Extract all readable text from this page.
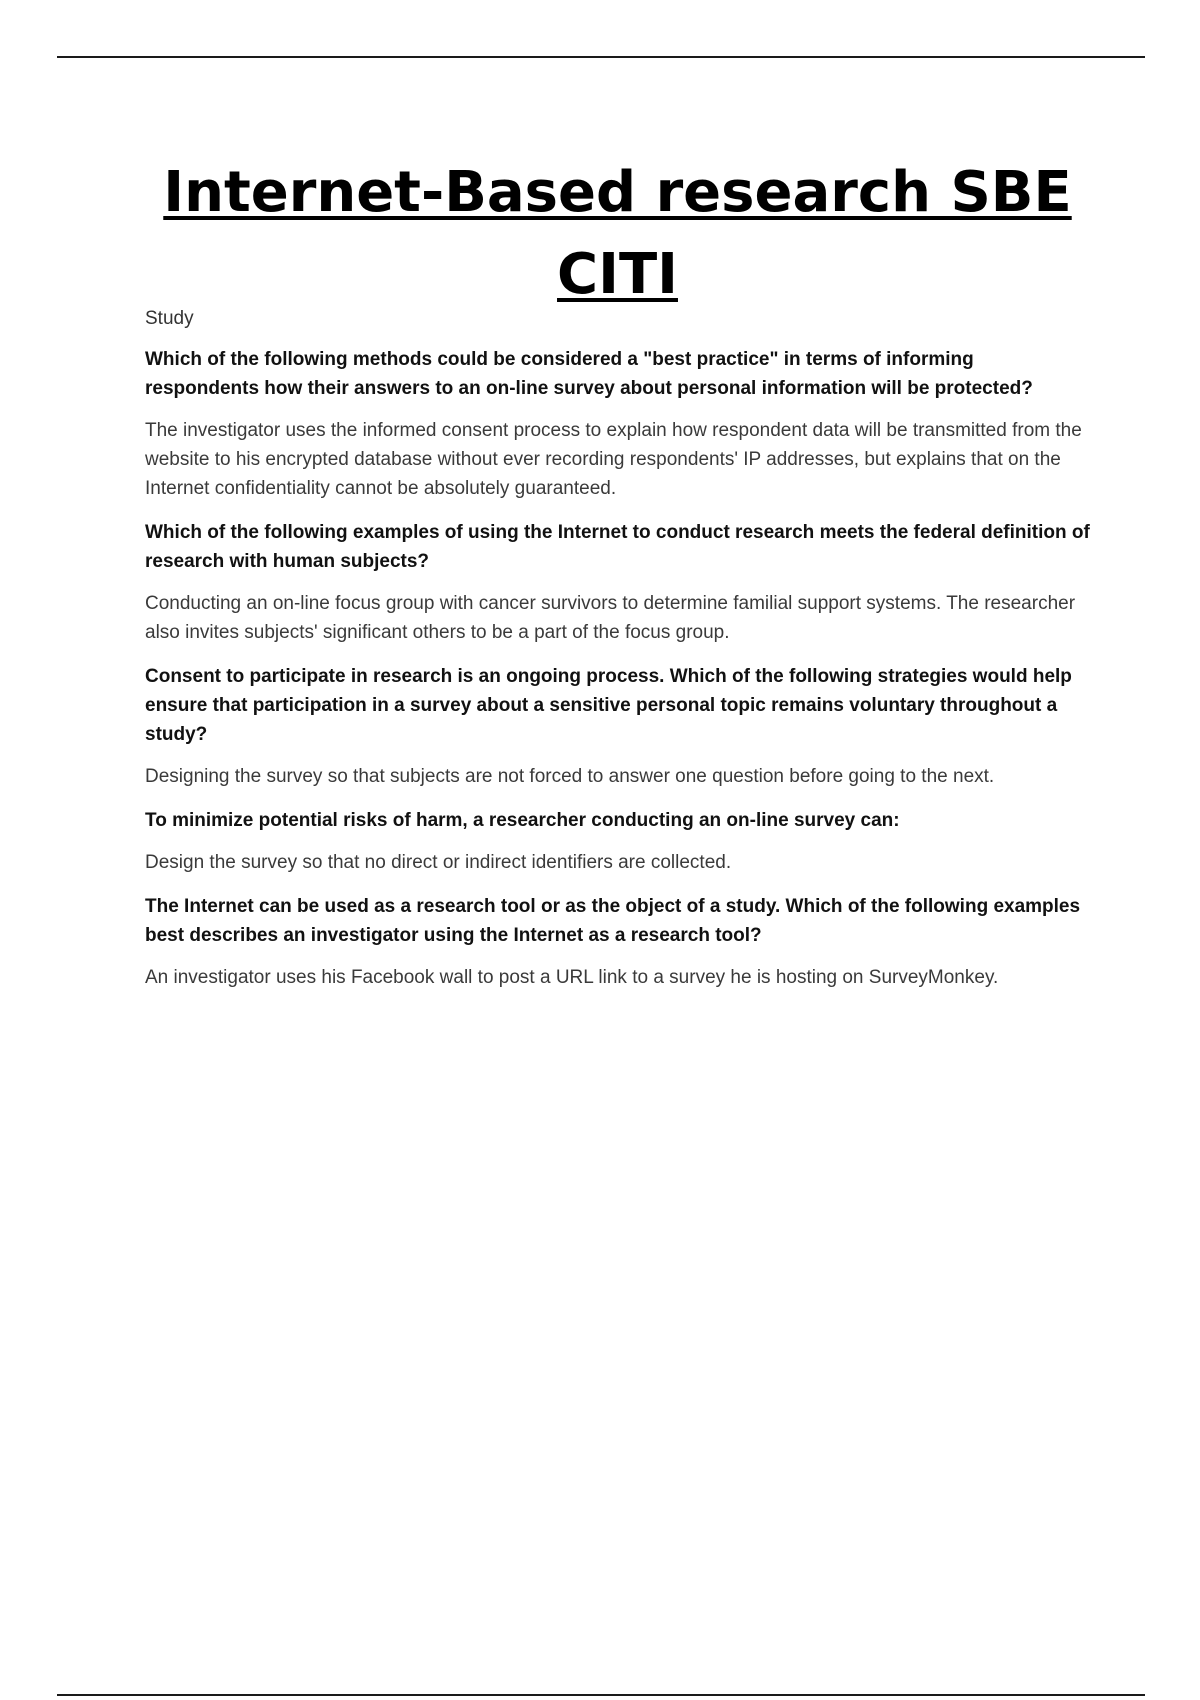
Internet-Based research SBE CITI

Study

Which of the following methods could be considered a "best practice" in terms of informing respondents how their answers to an on-line survey about personal information will be protected?

The investigator uses the informed consent process to explain how respondent data will be transmitted from the website to his encrypted database without ever recording respondents' IP addresses, but explains that on the Internet confidentiality cannot be absolutely guaranteed.

Which of the following examples of using the Internet to conduct research meets the federal definition of research with human subjects?

Conducting an on-line focus group with cancer survivors to determine familial support systems. The researcher also invites subjects' significant others to be a part of the focus group.

Consent to participate in research is an ongoing process. Which of the following strategies would help ensure that participation in a survey about a sensitive personal topic remains voluntary throughout a study?

Designing the survey so that subjects are not forced to answer one question before going to the next.

To minimize potential risks of harm, a researcher conducting an on-line survey can:

Design the survey so that no direct or indirect identifiers are collected.

The Internet can be used as a research tool or as the object of a study. Which of the following examples best describes an investigator using the Internet as a research tool?

An investigator uses his Facebook wall to post a URL link to a survey he is hosting on SurveyMonkey.
